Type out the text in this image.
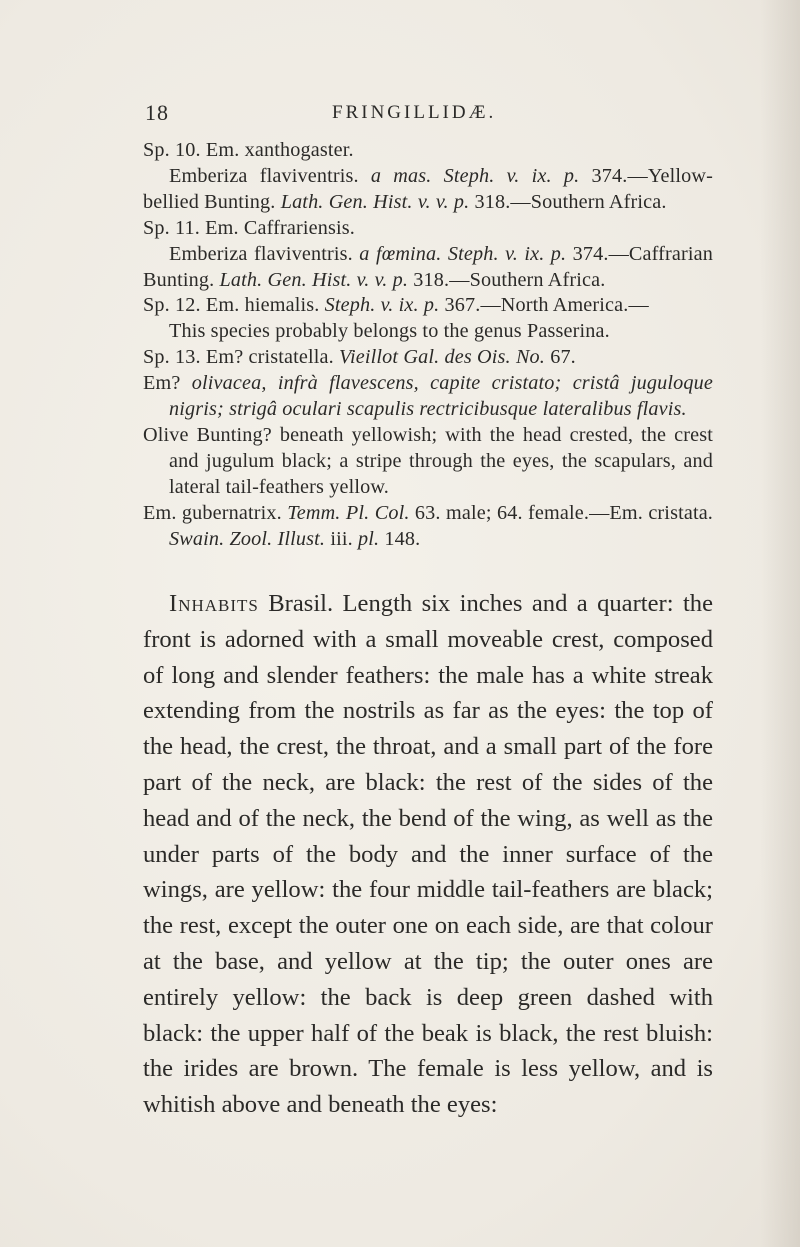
18	FRINGILLIDÆ.

Sp. 10. Em. xanthogaster.

Emberiza flaviventris. a mas. Steph. v. ix. p. 374.—Yellow-bellied Bunting. Lath. Gen. Hist. v. v. p. 318.—Southern Africa.

Sp. 11. Em. Caffrariensis.

Emberiza flaviventris. a fœmina. Steph. v. ix. p. 374.—Caffrarian Bunting. Lath. Gen. Hist. v. v. p. 318.—Southern Africa.

Sp. 12. Em. hiemalis. Steph. v. ix. p. 367.—North America.—

This species probably belongs to the genus Passerina.

Sp. 13. Em? cristatella. Vieillot Gal. des Ois. No. 67.

Em? olivacea, infrà flavescens, capite cristato; cristâ juguloque nigris; strigâ oculari scapulis rectricibusque lateralibus flavis.

Olive Bunting? beneath yellowish; with the head crested, the crest and jugulum black; a stripe through the eyes, the scapulars, and lateral tail-feathers yellow.

Em. gubernatrix. Temm. Pl. Col. 63. male; 64. female.—Em. cristata. Swain. Zool. Illust. iii. pl. 148.

Inhabits Brasil. Length six inches and a quarter: the front is adorned with a small moveable crest, composed of long and slender feathers: the male has a white streak extending from the nostrils as far as the eyes: the top of the head, the crest, the throat, and a small part of the fore part of the neck, are black: the rest of the sides of the head and of the neck, the bend of the wing, as well as the under parts of the body and the inner surface of the wings, are yellow: the four middle tail-feathers are black; the rest, except the outer one on each side, are that colour at the base, and yellow at the tip; the outer ones are entirely yellow: the back is deep green dashed with black: the upper half of the beak is black, the rest bluish: the irides are brown. The female is less yellow, and is whitish above and beneath the eyes:
